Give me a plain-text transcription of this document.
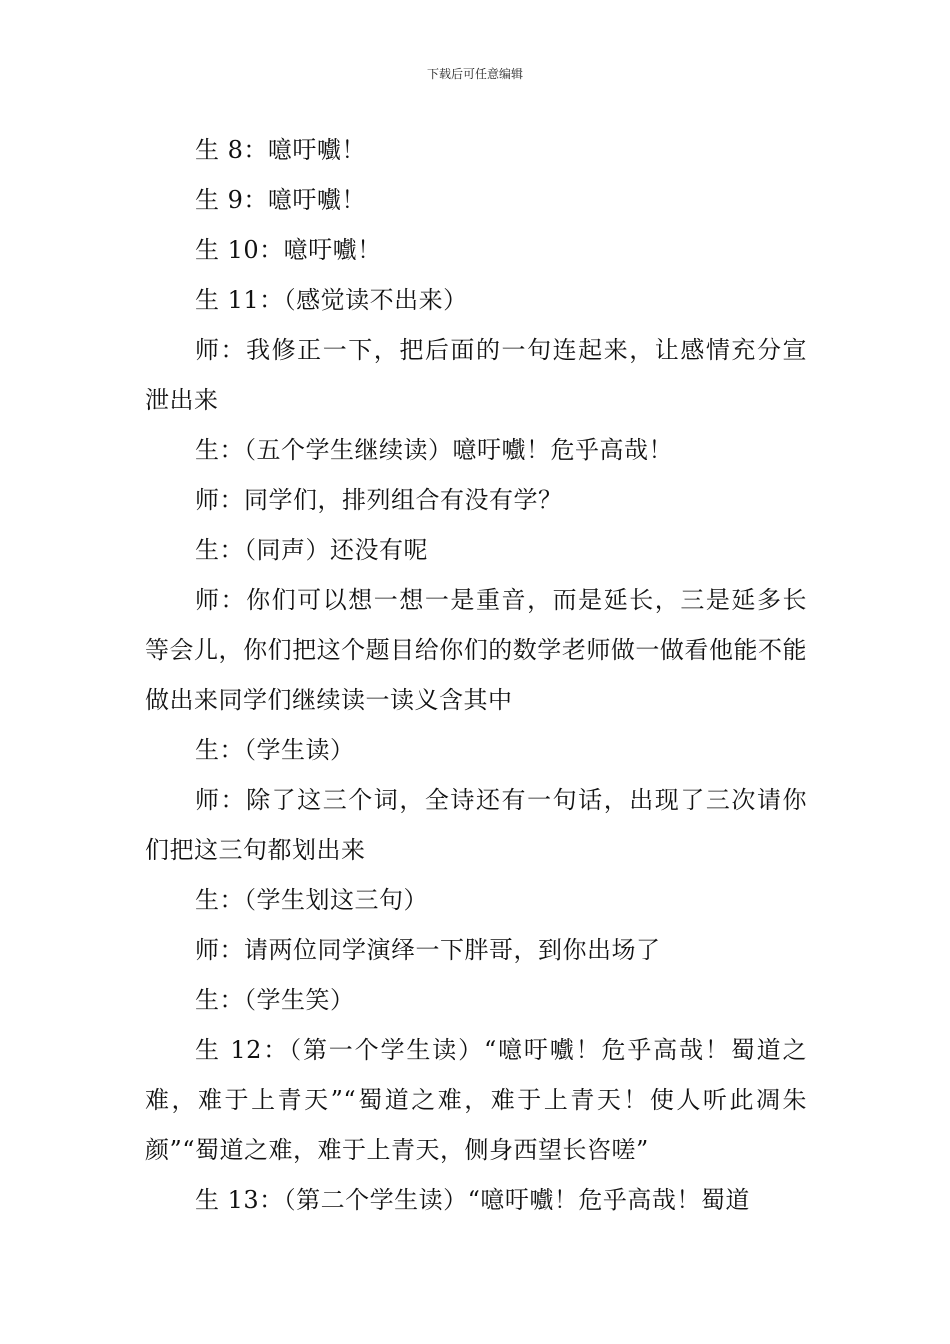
下载后可任意编辑

生 8：噫吁嚱！

生 9：噫吁嚱！

生 10：噫吁嚱！

生 11：（感觉读不出来）

师：我修正一下，把后面的一句连起来，让感情充分宣泄出来

生：（五个学生继续读）噫吁嚱！危乎高哉！

师：同学们，排列组合有没有学？

生：（同声）还没有呢

师：你们可以想一想一是重音，而是延长，三是延多长等会儿，你们把这个题目给你们的数学老师做一做看他能不能做出来同学们继续读一读义含其中

生：（学生读）

师：除了这三个词，全诗还有一句话，出现了三次请你们把这三句都划出来

生：（学生划这三句）

师：请两位同学演绎一下胖哥，到你出场了

生：（学生笑）

生 12：（第一个学生读）“噫吁嚱！危乎高哉！蜀道之难，难于上青天”“蜀道之难，难于上青天！使人听此凋朱颜”“蜀道之难，难于上青天，侧身西望长咨嗟”

生 13：（第二个学生读）“噫吁嚱！危乎高哉！蜀道
